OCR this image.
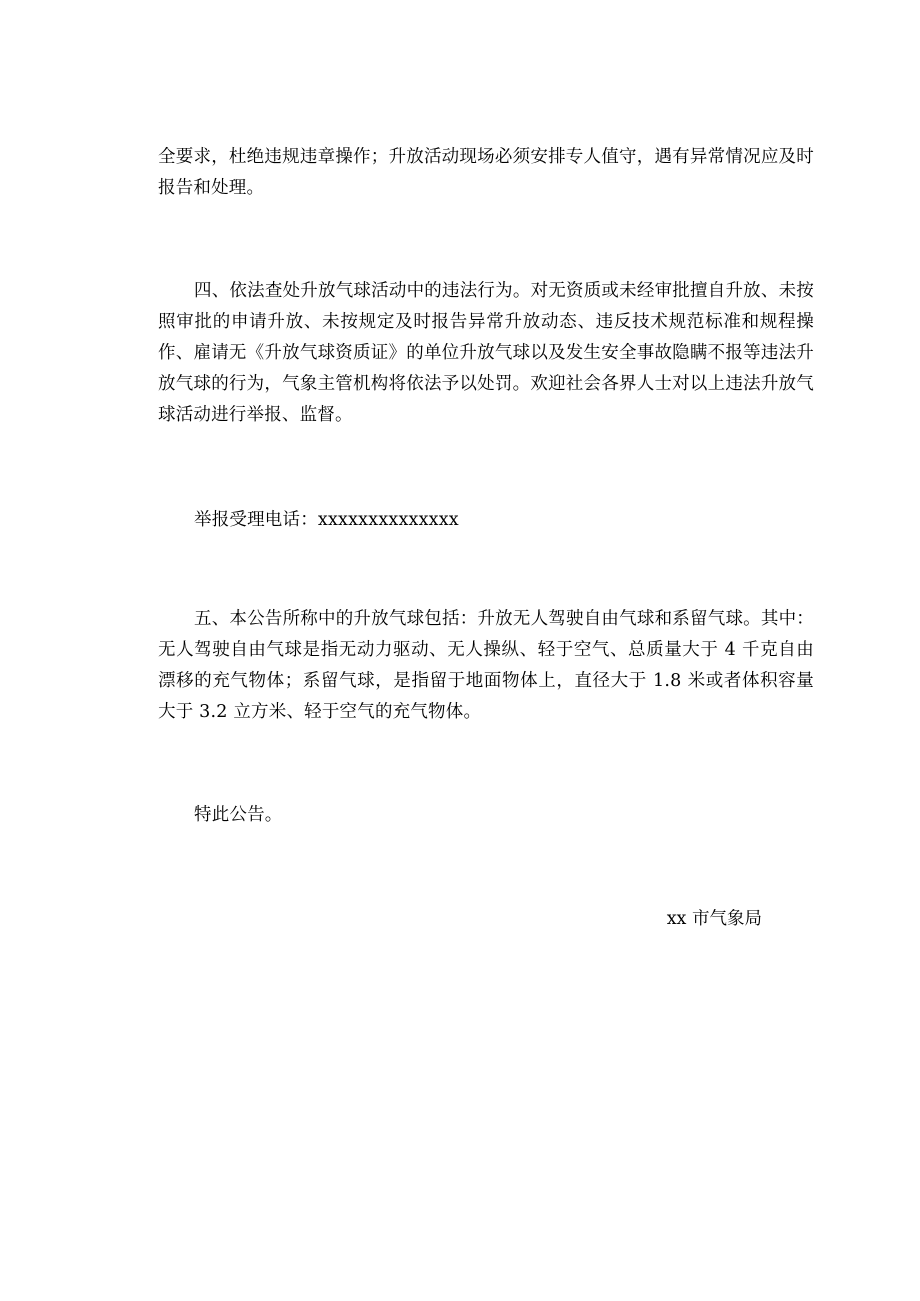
全要求，杜绝违规违章操作；升放活动现场必须安排专人值守，遇有异常情况应及时报告和处理。

四、依法查处升放气球活动中的违法行为。对无资质或未经审批擅自升放、未按照审批的申请升放、未按规定及时报告异常升放动态、违反技术规范标准和规程操作、雇请无《升放气球资质证》的单位升放气球以及发生安全事故隐瞒不报等违法升放气球的行为，气象主管机构将依法予以处罚。欢迎社会各界人士对以上违法升放气球活动进行举报、监督。

举报受理电话：xxxxxxxxxxxxxx

五、本公告所称中的升放气球包括：升放无人驾驶自由气球和系留气球。其中：无人驾驶自由气球是指无动力驱动、无人操纵、轻于空气、总质量大于 4 千克自由漂移的充气物体；系留气球，是指留于地面物体上，直径大于 1.8 米或者体积容量大于 3.2 立方米、轻于空气的充气物体。

特此公告。

xx 市气象局
